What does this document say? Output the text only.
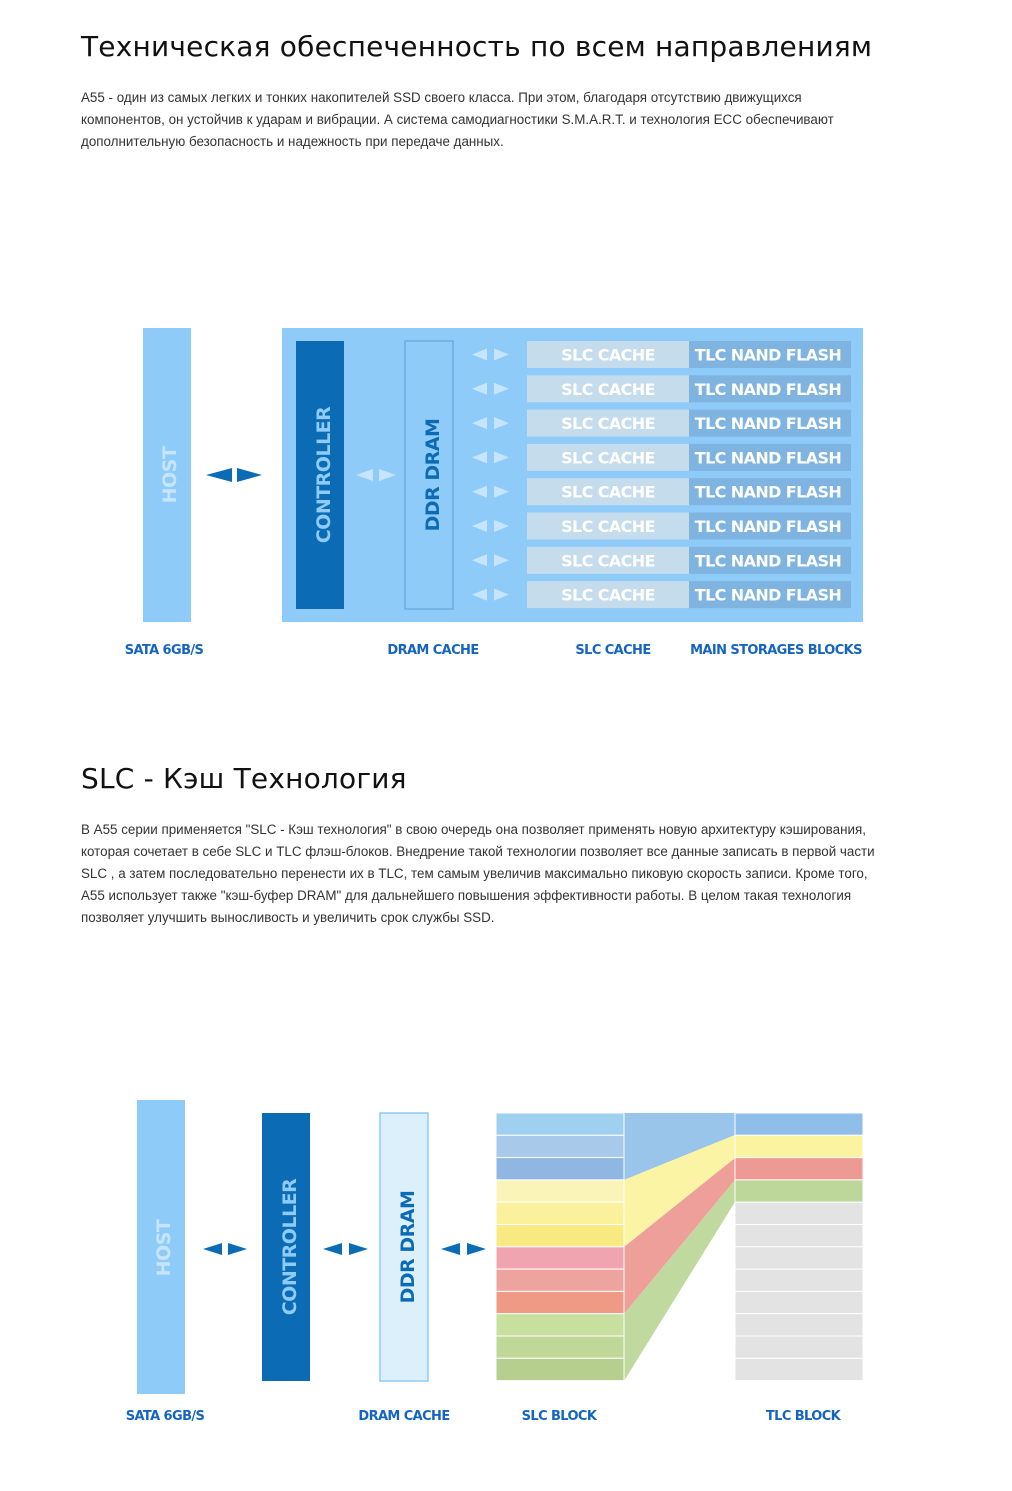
Техническая обеспеченность по всем направлениям

A55 - один из самых легких и тонких накопителей SSD своего класса. При этом, благодаря отсутствию движущихся компонентов, он устойчив к ударам и вибрации. А система самодиагностики S.M.A.R.T. и технология ECC обеспечивают дополнительную безопасность и надежность при передаче данных.

HOST	CONTROLLER	DDR DRAM
SLC CACHE TLC NAND FLASH
SLC CACHE TLC NAND FLASH
SLC CACHE TLC NAND FLASH
SLC CACHE TLC NAND FLASH
SLC CACHE TLC NAND FLASH
SLC CACHE TLC NAND FLASH
SLC CACHE TLC NAND FLASH
SLC CACHE TLC NAND FLASH
SATA 6GB/S	DRAM CACHE	SLC CACHE	MAIN STORAGES BLOCKS
SLC - Кэш Технология

В A55 серии применяется "SLC - Кэш технология" в свою очередь она позволяет применять новую архитектуру кэширования, которая сочетает в себе SLC и TLC флэш-блоков. Внедрение такой технологии позволяет все данные записать в первой части SLC , а затем последовательно перенести их в TLC, тем самым увеличив максимально пиковую скорость записи. Кроме того, A55 использует также "кэш-буфер DRAM" для дальнейшего повышения эффективности работы. В целом такая технология позволяет улучшить выносливость и увеличить срок службы SSD.

HOST	CONTROLLER	DDR DRAM
SATA 6GB/S	DRAM CACHE	SLC BLOCK	TLC BLOCK
